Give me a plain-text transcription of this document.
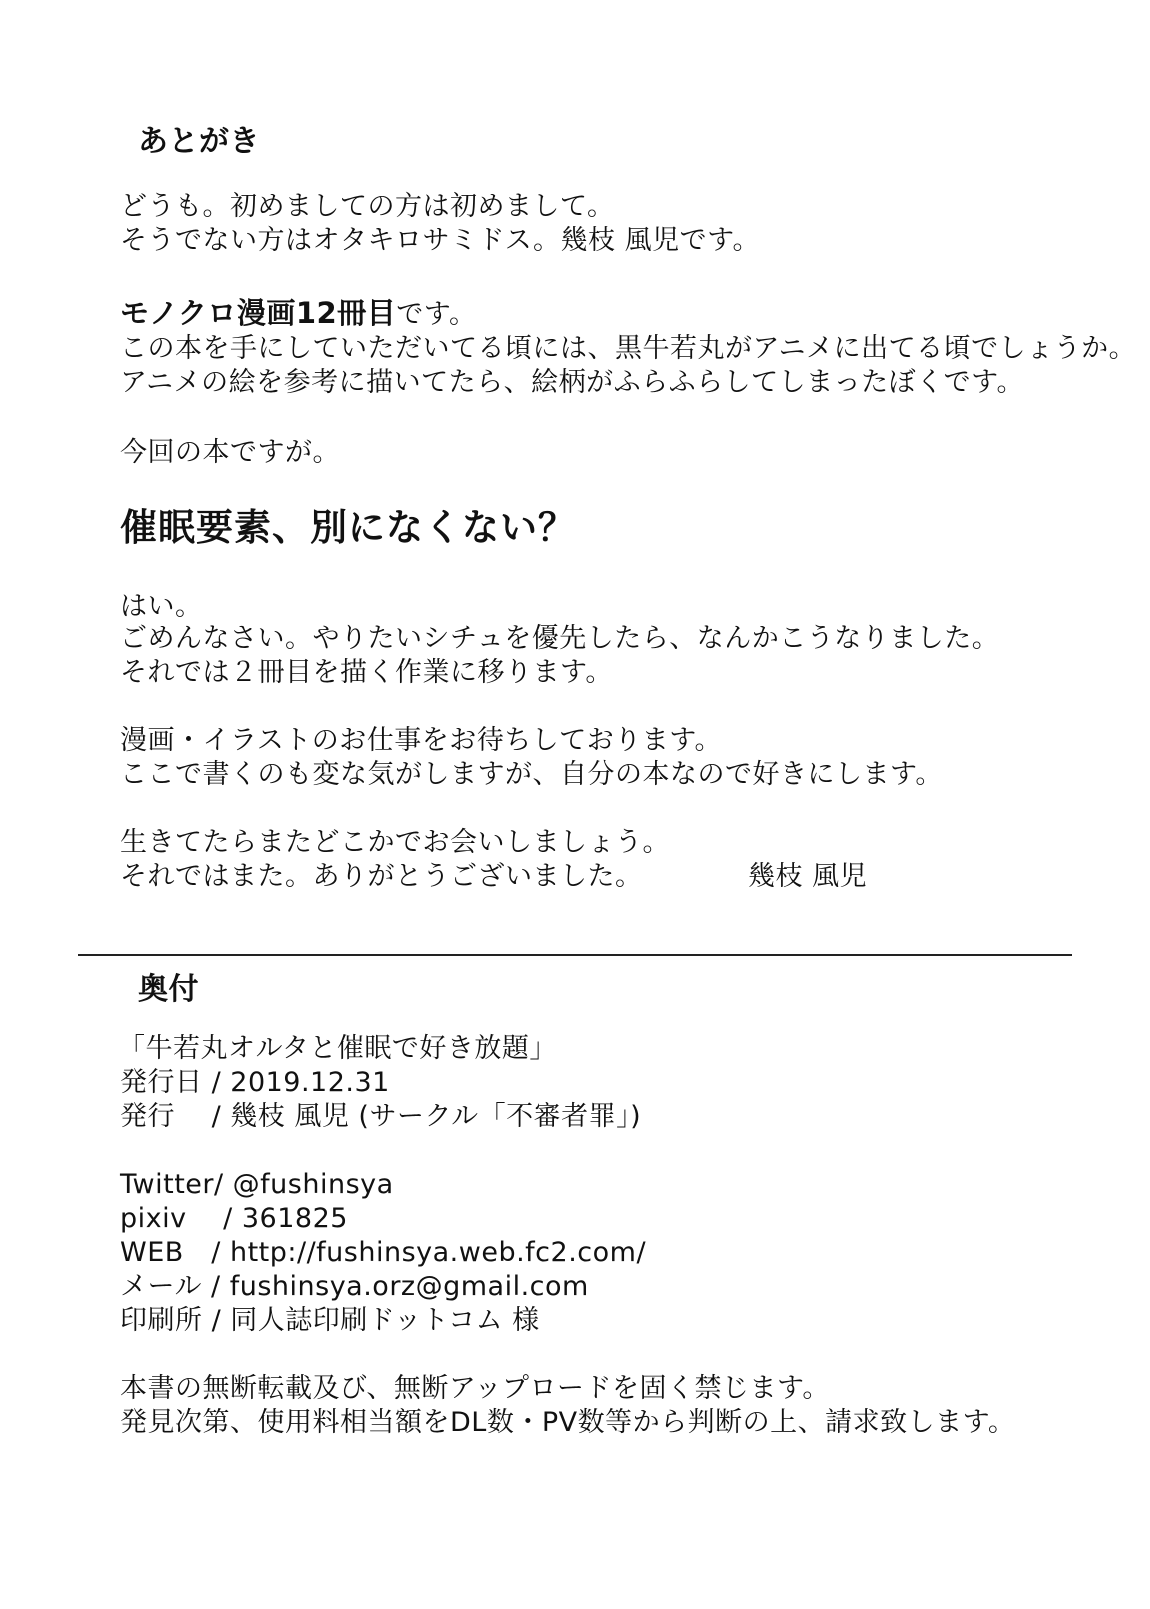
あとがき
どうも。初めましての方は初めまして。
そうでない方はオタキロサミドス。幾枝 風児です。
モノクロ漫画12冊目です。
この本を手にしていただいてる頃には、黒牛若丸がアニメに出てる頃でしょうか。
アニメの絵を参考に描いてたら、絵柄がふらふらしてしまったぼくです。
今回の本ですが。
催眠要素、別になくない？
はい。
ごめんなさい。やりたいシチュを優先したら、なんかこうなりました。
それでは２冊目を描く作業に移ります。
漫画・イラストのお仕事をお待ちしております。
ここで書くのも変な気がしますが、自分の本なので好きにします。
生きてたらまたどこかでお会いしましょう。
それではまた。ありがとうございました。	幾枝 風児
奥付
「牛若丸オルタと催眠で好き放題」
発行日 / 2019.12.31
発行　 / 幾枝 風児 (サークル「不審者罪」)
Twitter/ @fushinsya
pixiv　 / 361825
WEB　/ http://fushinsya.web.fc2.com/
メール / fushinsya.orz@gmail.com
印刷所 / 同人誌印刷ドットコム 様
本書の無断転載及び、無断アップロードを固く禁じます。
発見次第、使用料相当額をDL数・PV数等から判断の上、請求致します。
